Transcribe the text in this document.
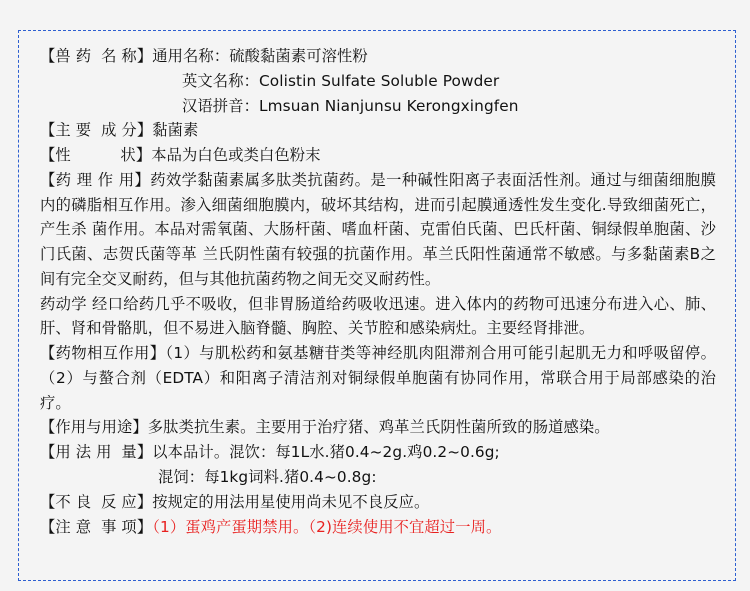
【兽 药  名 称】通用名称：硫酸黏菌素可溶性粉
英文名称：Colistin Sulfate Soluble Powder
汉语拼音：Lmsuan Nianjunsu Kerongxingfen
【主 要  成 分】黏菌素
【性          状】本品为白色或类白色粉末
【药 理 作 用】药效学黏菌素属多肽类抗菌药。是一种碱性阳离子表面活性剂。通过与细菌细胞膜内的磷脂相互作用。渗入细菌细胞膜内，破坏其结构，进而引起膜通透性发生变化.导致细菌死亡，产生杀 菌作用。本品对需氧菌、大肠杆菌、嗜血杆菌、克雷伯氏菌、巴氏杆菌、铜绿假单胞菌、沙门氏菌、志贺氏菌等革 兰氏阴性菌有较强的抗菌作用。革兰氏阳性菌通常不敏感。与多黏菌素B之间有完全交叉耐药，但与其他抗菌药物之间无交叉耐药性。
药动学 经口给药几乎不吸收，但非胃肠道给药吸收迅速。进入体内的药物可迅速分布进入心、肺、肝、肾和骨骼肌，但不易进入脑脊髓、胸腔、关节腔和感染病灶。主要经肾排泄。
【药物相互作用】（1）与肌松药和氨基糖苷类等神经肌肉阻滞剂合用可能引起肌无力和呼吸留停。（2）与螯合剂（EDTA）和阳离子清洁剂对铜绿假单胞菌有协同作用，常联合用于局部感染的治疗。
【作用与用途】多肽类抗生素。主要用于治疗猪、鸡革兰氏阴性菌所致的肠道感染。
【用 法 用  量】以本品计。混饮：每1L水.猪0.4~2g.鸡0.2~0.6g;
混饲：每1kg词料.猪0.4~0.8g:
【不 良  反 应】按规定的用法用星使用尚未见不良反应。
【注 意  事 项】（1）蛋鸡产蛋期禁用。（2)连续使用不宜超过一周。
